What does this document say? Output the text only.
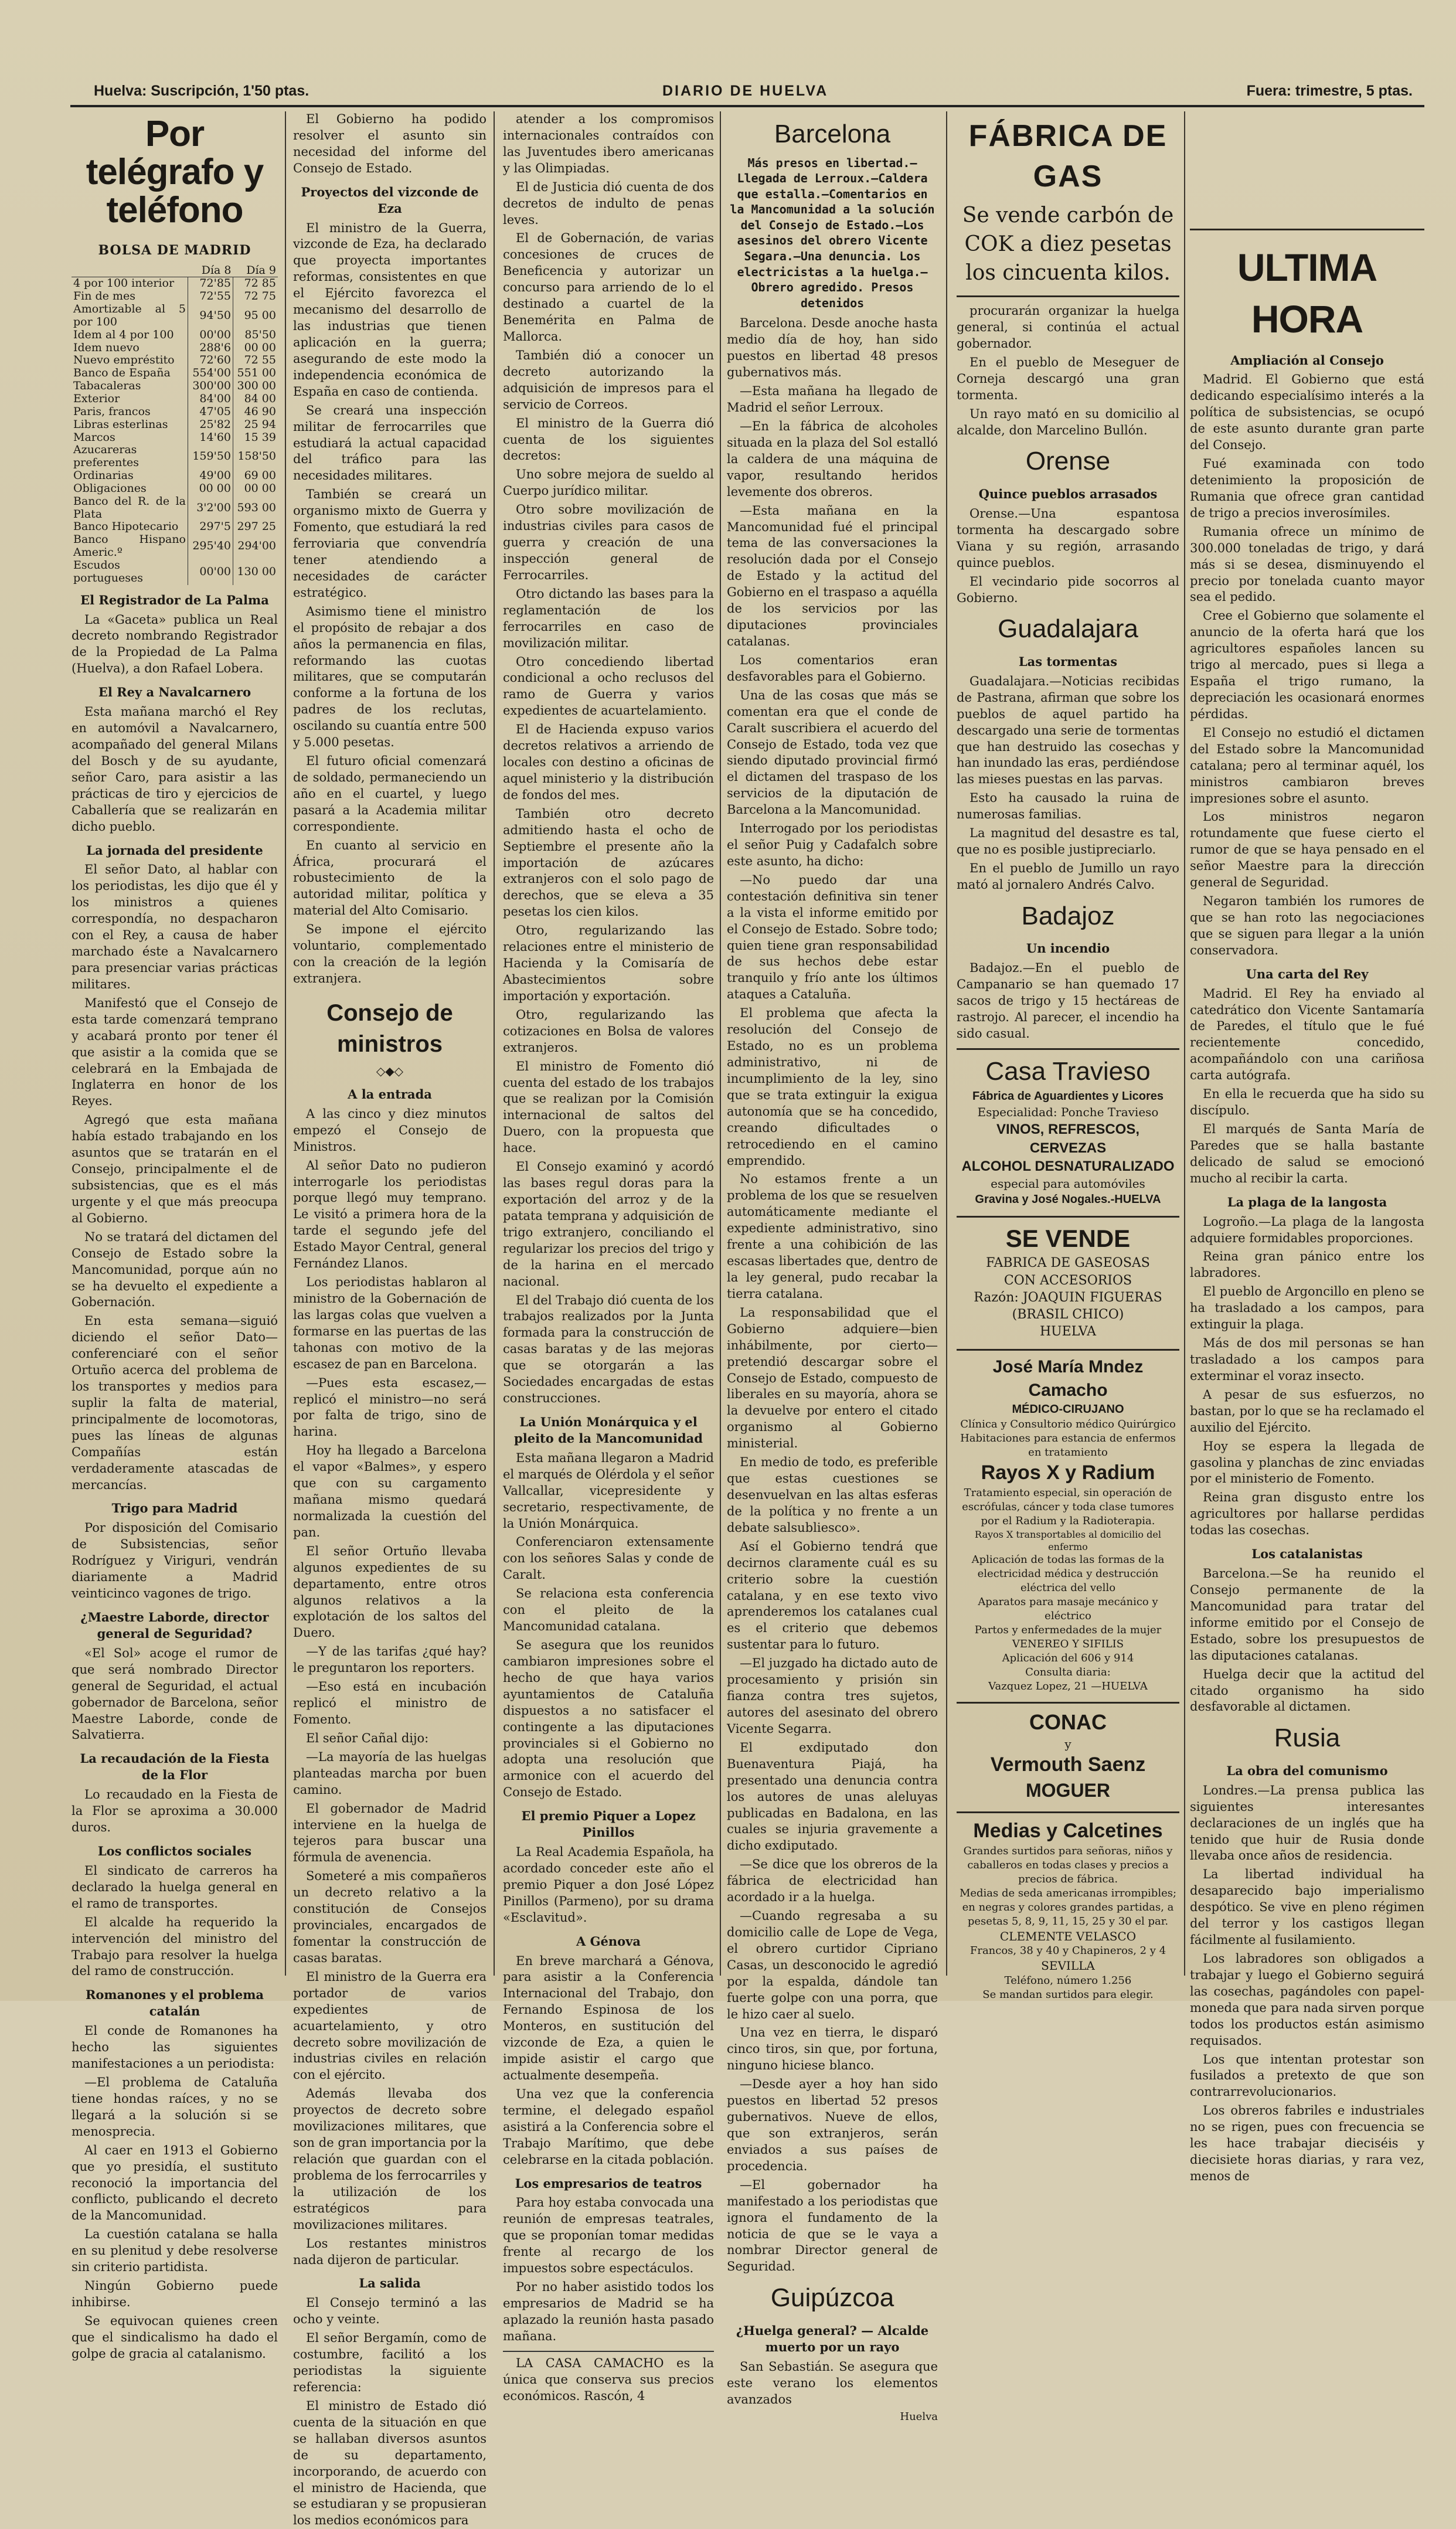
Huelva: Suscripción, 1'50 ptas.	DIARIO DE HUELVA	Fuera: trimestre, 5 ptas.
Por telégrafo y teléfono
BOLSA DE MADRID
	Día 8	Día 9
4 por 100 interior	72'85	72 85
Fin de mes	72'55	72 75
Amortizable al 5 por 100	94'50	95 00
Idem al 4 por 100	00'00	85'50
Idem nuevo	288'6	00 00
Nuevo empréstito	72'60	72 55
Banco de España	554'00	551 00
Tabacaleras	300'00	300 00
Exterior	84'00	84 00
Paris, francos	47'05	46 90
Libras esterlinas	25'82	25 94
Marcos	14'60	15 39
Azucareras preferentes	159'50	158'50
Ordinarias	49'00	69 00
Obligaciones	00 00	00 00
Banco del R. de la Plata	3'2'00	593 00
Banco Hipotecario	297'5	297 25
Banco Hispano Americ.º	295'40	294'00
Escudos portugueses	00'00	130 00
El Registrador de La Palma

La «Gaceta» publica un Real decreto nombrando Registrador de la Propiedad de La Palma (Huelva), a don Rafael Lobera.

El Rey a Navalcarnero

Esta mañana marchó el Rey en automóvil a Navalcarnero, acompañado del general Milans del Bosch y de su ayudante, señor Caro, para asistir a las prácticas de tiro y ejercicios de Caballería que se realizarán en dicho pueblo.

La jornada del presidente

El señor Dato, al hablar con los periodistas, les dijo que él y los ministros a quienes correspondía, no despacharon con el Rey, a causa de haber marchado éste a Navalcarnero para presenciar varias prácticas militares.

Manifestó que el Consejo de esta tarde comenzará temprano y acabará pronto por tener él que asistir a la comida que se celebrará en la Embajada de Inglaterra en honor de los Reyes.

Agregó que esta mañana había estado trabajando en los asuntos que se tratarán en el Consejo, principalmente el de subsistencias, que es el más urgente y el que más preocupa al Gobierno.

No se tratará del dictamen del Consejo de Estado sobre la Mancomunidad, porque aún no se ha devuelto el expediente a Gobernación.

En esta semana—siguió diciendo el señor Dato—conferenciaré con el señor Ortuño acerca del problema de los transportes y medios para suplir la falta de material, principalmente de locomotoras, pues las líneas de algunas Compañías están verdaderamente atascadas de mercancías.

Trigo para Madrid

Por disposición del Comisario de Subsistencias, señor Rodríguez y Viriguri, vendrán diariamente a Madrid veinticinco vagones de trigo.

¿Maestre Laborde, director general de Seguridad?

«El Sol» acoge el rumor de que será nombrado Director general de Seguridad, el actual gobernador de Barcelona, señor Maestre Laborde, conde de Salvatierra.

La recaudación de la Fiesta de la Flor

Lo recaudado en la Fiesta de la Flor se aproxima a 30.000 duros.

Los conflictos sociales

El sindicato de carreros ha declarado la huelga general en el ramo de transportes.

El alcalde ha requerido la intervención del ministro del Trabajo para resolver la huelga del ramo de construcción.

Romanones y el problema catalán

El conde de Romanones ha hecho las siguientes manifestaciones a un periodista:

—El problema de Cataluña tiene hondas raíces, y no se llegará a la solución si se menosprecia.

Al caer en 1913 el Gobierno que yo presidía, el sustituto reconoció la importancia del conflicto, publicando el decreto de la Mancomunidad.

La cuestión catalana se halla en su plenitud y debe resolverse sin criterio partidista.

Ningún Gobierno puede inhibirse.

Se equivocan quienes creen que el sindicalismo ha dado el golpe de gracia al catalanismo.

El Gobierno ha podido resolver el asunto sin necesidad del informe del Consejo de Estado.

Proyectos del vizconde de Eza

El ministro de la Guerra, vizconde de Eza, ha declarado que proyecta importantes reformas, consistentes en que el Ejército favorezca el mecanismo del desarrollo de las industrias que tienen aplicación en la guerra; asegurando de este modo la independencia económica de España en caso de contienda.

Se creará una inspección militar de ferrocarriles que estudiará la actual capacidad del tráfico para las necesidades militares.

También se creará un organismo mixto de Guerra y Fomento, que estudiará la red ferroviaria que convendría tener atendiendo a necesidades de carácter estratégico.

Asimismo tiene el ministro el propósito de rebajar a dos años la permanencia en filas, reformando las cuotas militares, que se computarán conforme a la fortuna de los padres de los reclutas, oscilando su cuantía entre 500 y 5.000 pesetas.

El futuro oficial comenzará de soldado, permaneciendo un año en el cuartel, y luego pasará a la Academia militar correspondiente.

En cuanto al servicio en África, procurará el robustecimiento de la autoridad militar, política y material del Alto Comisario.

Se impone el ejército voluntario, complementado con la creación de la legión extranjera.

Consejo de ministros
◇◆◇
A la entrada

A las cinco y diez minutos empezó el Consejo de Ministros.

Al señor Dato no pudieron interrogarle los periodistas porque llegó muy temprano. Le visitó a primera hora de la tarde el segundo jefe del Estado Mayor Central, general Fernández Llanos.

Los periodistas hablaron al ministro de la Gobernación de las largas colas que vuelven a formarse en las puertas de las tahonas con motivo de la escasez de pan en Barcelona.

—Pues esta escasez,—replicó el ministro—no será por falta de trigo, sino de harina.

Hoy ha llegado a Barcelona el vapor «Balmes», y espero que con su cargamento mañana mismo quedará normalizada la cuestión del pan.

El señor Ortuño llevaba algunos expedientes de su departamento, entre otros algunos relativos a la explotación de los saltos del Duero.

—Y de las tarifas ¿qué hay? le preguntaron los reporters.

—Eso está en incubación replicó el ministro de Fomento.

El señor Cañal dijo:

—La mayoría de las huelgas planteadas marcha por buen camino.

El gobernador de Madrid interviene en la huelga de tejeros para buscar una fórmula de avenencia.

Someteré a mis compañeros un decreto relativo a la constitución de Consejos provinciales, encargados de fomentar la construcción de casas baratas.

El ministro de la Guerra era portador de varios expedientes de acuartelamiento, y otro decreto sobre movilización de industrias civiles en relación con el ejército.

Además llevaba dos proyectos de decreto sobre movilizaciones militares, que son de gran importancia por la relación que guardan con el problema de los ferrocarriles y la utilización de los estratégicos para movilizaciones militares.

Los restantes ministros nada dijeron de particular.

La salida

El Consejo terminó a las ocho y veinte.

El señor Bergamín, como de costumbre, facilitó a los periodistas la siguiente referencia:

El ministro de Estado dió cuenta de la situación en que se hallaban diversos asuntos de su departamento, incorporando, de acuerdo con el ministro de Hacienda, que se estudiaran y se propusieran los medios económicos para

atender a los compromisos internacionales contraídos con las Juventudes ibero americanas y las Olimpiadas.

El de Justicia dió cuenta de dos decretos de indulto de penas leves.

El de Gobernación, de varias concesiones de cruces de Beneficencia y autorizar un concurso para arriendo de lo el destinado a cuartel de la Benemérita en Palma de Mallorca.

También dió a conocer un decreto autorizando la adquisición de impresos para el servicio de Correos.

El ministro de la Guerra dió cuenta de los siguientes decretos:

Uno sobre mejora de sueldo al Cuerpo jurídico militar.

Otro sobre movilización de industrias civiles para casos de guerra y creación de una inspección general de Ferrocarriles.

Otro dictando las bases para la reglamentación de los ferrocarriles en caso de movilización militar.

Otro concediendo libertad condicional a ocho reclusos del ramo de Guerra y varios expedientes de acuartelamiento.

El de Hacienda expuso varios decretos relativos a arriendo de locales con destino a oficinas de aquel ministerio y la distribución de fondos del mes.

También otro decreto admitiendo hasta el ocho de Septiembre el presente año la importación de azúcares extranjeros con el solo pago de derechos, que se eleva a 35 pesetas los cien kilos.

Otro, regularizando las relaciones entre el ministerio de Hacienda y la Comisaría de Abastecimientos sobre importación y exportación.

Otro, regularizando las cotizaciones en Bolsa de valores extranjeros.

El ministro de Fomento dió cuenta del estado de los trabajos que se realizan por la Comisión internacional de saltos del Duero, con la propuesta que hace.

El Consejo examinó y acordó las bases regul doras para la exportación del arroz y de la patata temprana y adquisición de trigo extranjero, conciliando el regularizar los precios del trigo y de la harina en el mercado nacional.

El del Trabajo dió cuenta de los trabajos realizados por la Junta formada para la construcción de casas baratas y de las mejoras que se otorgarán a las Sociedades encargadas de estas construcciones.

La Unión Monárquica y el pleito de la Mancomunidad

Esta mañana llegaron a Madrid el marqués de Olérdola y el señor Vallcallar, vicepresidente y secretario, respectivamente, de la Unión Monárquica.

Conferenciaron extensamente con los señores Salas y conde de Caralt.

Se relaciona esta conferencia con el pleito de la Mancomunidad catalana.

Se asegura que los reunidos cambiaron impresiones sobre el hecho de que haya varios ayuntamientos de Cataluña dispuestos a no satisfacer el contingente a las diputaciones provinciales si el Gobierno no adopta una resolución que armonice con el acuerdo del Consejo de Estado.

El premio Piquer a Lopez Pinillos

La Real Academia Española, ha acordado conceder este año el premio Piquer a don José López Pinillos (Parmeno), por su drama «Esclavitud».

A Génova

En breve marchará a Génova, para asistir a la Conferencia Internacional del Trabajo, don Fernando Espinosa de los Monteros, en sustitución del vizconde de Eza, a quien le impide asistir el cargo que actualmente desempeña.

Una vez que la conferencia termine, el delegado español asistirá a la Conferencia sobre el Trabajo Marítimo, que debe celebrarse en la citada población.

Los empresarios de teatros

Para hoy estaba convocada una reunión de empresas teatrales, que se proponían tomar medidas frente al recargo de los impuestos sobre espectáculos.

Por no haber asistido todos los empresarios de Madrid se ha aplazado la reunión hasta pasado mañana.

LA CASA CAMACHO es la única que conserva sus precios económicos. Rascón, 4

Barcelona
Más presos en libertad.—Llegada de Lerroux.—Caldera que estalla.—Comentarios en la Mancomunidad a la solución del Consejo de Estado.—Los asesinos del obrero Vicente Segara.—Una denuncia. Los electricistas a la huelga.—Obrero agredido. Presos detenidos

Barcelona. Desde anoche hasta medio día de hoy, han sido puestos en libertad 48 presos gubernativos más.

—Esta mañana ha llegado de Madrid el señor Lerroux.

—En la fábrica de alcoholes situada en la plaza del Sol estalló la caldera de una máquina de vapor, resultando heridos levemente dos obreros.

—Esta mañana en la Mancomunidad fué el principal tema de las conversaciones la resolución dada por el Consejo de Estado y la actitud del Gobierno en el traspaso a aquélla de los servicios por las diputaciones provinciales catalanas.

Los comentarios eran desfavorables para el Gobierno.

Una de las cosas que más se comentan era que el conde de Caralt suscribiera el acuerdo del Consejo de Estado, toda vez que siendo diputado provincial firmó el dictamen del traspaso de los servicios de la diputación de Barcelona a la Mancomunidad.

Interrogado por los periodistas el señor Puig y Cadafalch sobre este asunto, ha dicho:

—No puedo dar una contestación definitiva sin tener a la vista el informe emitido por el Consejo de Estado. Sobre todo; quien tiene gran responsabilidad de sus hechos debe estar tranquilo y frío ante los últimos ataques a Cataluña.

El problema que afecta la resolución del Consejo de Estado, no es un problema administrativo, ni de incumplimiento de la ley, sino que se trata extinguir la exigua autonomía que se ha concedido, creando dificultades o retrocediendo en el camino emprendido.

No estamos frente a un problema de los que se resuelven automáticamente mediante el expediente administrativo, sino frente a una cohibición de las escasas libertades que, dentro de la ley general, pudo recabar la tierra catalana.

La responsabilidad que el Gobierno adquiere—bien inhábilmente, por cierto—pretendió descargar sobre el Consejo de Estado, compuesto de liberales en su mayoría, ahora se la devuelve por entero el citado organismo al Gobierno ministerial.

En medio de todo, es preferible que estas cuestiones se desenvuelvan en las altas esferas de la política y no frente a un debate salsubliesco».

Así el Gobierno tendrá que decirnos claramente cuál es su criterio sobre la cuestión catalana, y en ese texto vivo aprenderemos los catalanes cual es el criterio que debemos sustentar para lo futuro.

—El juzgado ha dictado auto de procesamiento y prisión sin fianza contra tres sujetos, autores del asesinato del obrero Vicente Segarra.

El exdiputado don Buenaventura Piajá, ha presentado una denuncia contra los autores de unas aleluyas publicadas en Badalona, en las cuales se injuria gravemente a dicho exdiputado.

—Se dice que los obreros de la fábrica de electricidad han acordado ir a la huelga.

—Cuando regresaba a su domicilio calle de Lope de Vega, el obrero curtidor Cipriano Casas, un desconocido le agredió por la espalda, dándole tan fuerte golpe con una porra, que le hizo caer al suelo.

Una vez en tierra, le disparó cinco tiros, sin que, por fortuna, ninguno hiciese blanco.

—Desde ayer a hoy han sido puestos en libertad 52 presos gubernativos. Nueve de ellos, que son extranjeros, serán enviados a sus países de procedencia.

—El gobernador ha manifestado a los periodistas que ignora el fundamento de la noticia de que se le vaya a nombrar Director general de Seguridad.

Guipúzcoa
¿Huelga general? — Alcalde muerto por un rayo

San Sebastián. Se asegura que este verano los elementos avanzados

Huelva
FÁBRICA DE GAS
Se vende carbón de COK a diez pesetas los cincuenta kilos.

procurarán organizar la huelga general, si continúa el actual gobernador.

En el pueblo de Meseguer de Corneja descargó una gran tormenta.

Un rayo mató en su domicilio al alcalde, don Marcelino Bullón.

Orense
Quince pueblos arrasados

Orense.—Una espantosa tormenta ha descargado sobre Viana y su región, arrasando quince pueblos.

El vecindario pide socorros al Gobierno.

Guadalajara
Las tormentas

Guadalajara.—Noticias recibidas de Pastrana, afirman que sobre los pueblos de aquel partido ha descargado una serie de tormentas que han destruido las cosechas y han inundado las eras, perdiéndose las mieses puestas en las parvas.

Esto ha causado la ruina de numerosas familias.

La magnitud del desastre es tal, que no es posible justipreciarlo.

En el pueblo de Jumillo un rayo mató al jornalero Andrés Calvo.

Badajoz
Un incendio

Badajoz.—En el pueblo de Campanario se han quemado 17 sacos de trigo y 15 hectáreas de rastrojo. Al parecer, el incendio ha sido casual.

Casa Travieso
Fábrica de Aguardientes y Licores
Especialidad: Ponche Travieso
VINOS, REFRESCOS, CERVEZAS
ALCOHOL DESNATURALIZADO
especial para automóviles
Gravina y José Nogales.-HUELVA
SE VENDE
FABRICA DE GASEOSAS
CON ACCESORIOS
Razón: JOAQUIN FIGUERAS
(BRASIL CHICO)
HUELVA
José María Mndez Camacho
MÉDICO-CIRUJANO
Clínica y Consultorio médico Quirúrgico
Habitaciones para estancia de enfermos en tratamiento
Rayos X y Radium
Tratamiento especial, sin operación de escrófulas, cáncer y toda clase tumores por el Radium y la Radioterapia.
Rayos X transportables al domicilio del enfermo
Aplicación de todas las formas de la electricidad médica y destrucción eléctrica del vello
Aparatos para masaje mecánico y eléctrico
Partos y enfermedades de la mujer
VENEREO Y SIFILIS
Aplicación del 606 y 914
Consulta diaria:
Vazquez Lopez, 21 —HUELVA
CONAC
y
Vermouth Saenz
MOGUER
Medias y Calcetines
Grandes surtidos para señoras, niños y caballeros en todas clases y precios a precios de fábrica.
Medias de seda americanas irrompibles; en negras y colores grandes partidas, a pesetas 5, 8, 9, 11, 15, 25 y 30 el par.
CLEMENTE VELASCO
Francos, 38 y 40 y Chapineros, 2 y 4
SEVILLA
Teléfono, número 1.256
Se mandan surtidos para elegir.
ULTIMA HORA
Ampliación al Consejo

Madrid. El Gobierno que está dedicando especialísimo interés a la política de subsistencias, se ocupó de este asunto durante gran parte del Consejo.

Fué examinada con todo detenimiento la proposición de Rumania que ofrece gran cantidad de trigo a precios inverosímiles.

Rumania ofrece un mínimo de 300.000 toneladas de trigo, y dará más si se desea, disminuyendo el precio por tonelada cuanto mayor sea el pedido.

Cree el Gobierno que solamente el anuncio de la oferta hará que los agricultores españoles lancen su trigo al mercado, pues si llega a España el trigo rumano, la depreciación les ocasionará enormes pérdidas.

El Consejo no estudió el dictamen del Estado sobre la Mancomunidad catalana; pero al terminar aquél, los ministros cambiaron breves impresiones sobre el asunto.

Los ministros negaron rotundamente que fuese cierto el rumor de que se haya pensado en el señor Maestre para la dirección general de Seguridad.

Negaron también los rumores de que se han roto las negociaciones que se siguen para llegar a la unión conservadora.

Una carta del Rey

Madrid. El Rey ha enviado al catedrático don Vicente Santamaría de Paredes, el título que le fué recientemente concedido, acompañándolo con una cariñosa carta autógrafa.

En ella le recuerda que ha sido su discípulo.

El marqués de Santa María de Paredes que se halla bastante delicado de salud se emocionó mucho al recibir la carta.

La plaga de la langosta

Logroño.—La plaga de la langosta adquiere formidables proporciones.

Reina gran pánico entre los labradores.

El pueblo de Argoncillo en pleno se ha trasladado a los campos, para extinguir la plaga.

Más de dos mil personas se han trasladado a los campos para exterminar el voraz insecto.

A pesar de sus esfuerzos, no bastan, por lo que se ha reclamado el auxilio del Ejército.

Hoy se espera la llegada de gasolina y planchas de zinc enviadas por el ministerio de Fomento.

Reina gran disgusto entre los agricultores por hallarse perdidas todas las cosechas.

Los catalanistas

Barcelona.—Se ha reunido el Consejo permanente de la Mancomunidad para tratar del informe emitido por el Consejo de Estado, sobre los presupuestos de las diputaciones catalanas.

Huelga decir que la actitud del citado organismo ha sido desfavorable al dictamen.

Rusia
La obra del comunismo

Londres.—La prensa publica las siguientes interesantes declaraciones de un inglés que ha tenido que huir de Rusia donde llevaba once años de residencia.

La libertad individual ha desaparecido bajo imperialismo despótico. Se vive en pleno régimen del terror y los castigos llegan fácilmente al fusilamiento.

Los labradores son obligados a trabajar y luego el Gobierno seguirá las cosechas, pagándoles con papel-moneda que para nada sirven porque todos los productos están asimismo requisados.

Los que intentan protestar son fusilados a pretexto de que son contrarrevolucionarios.

Los obreros fabriles e industriales no se rigen, pues con frecuencia se les hace trabajar dieciséis y diecisiete horas diarias, y rara vez, menos de
